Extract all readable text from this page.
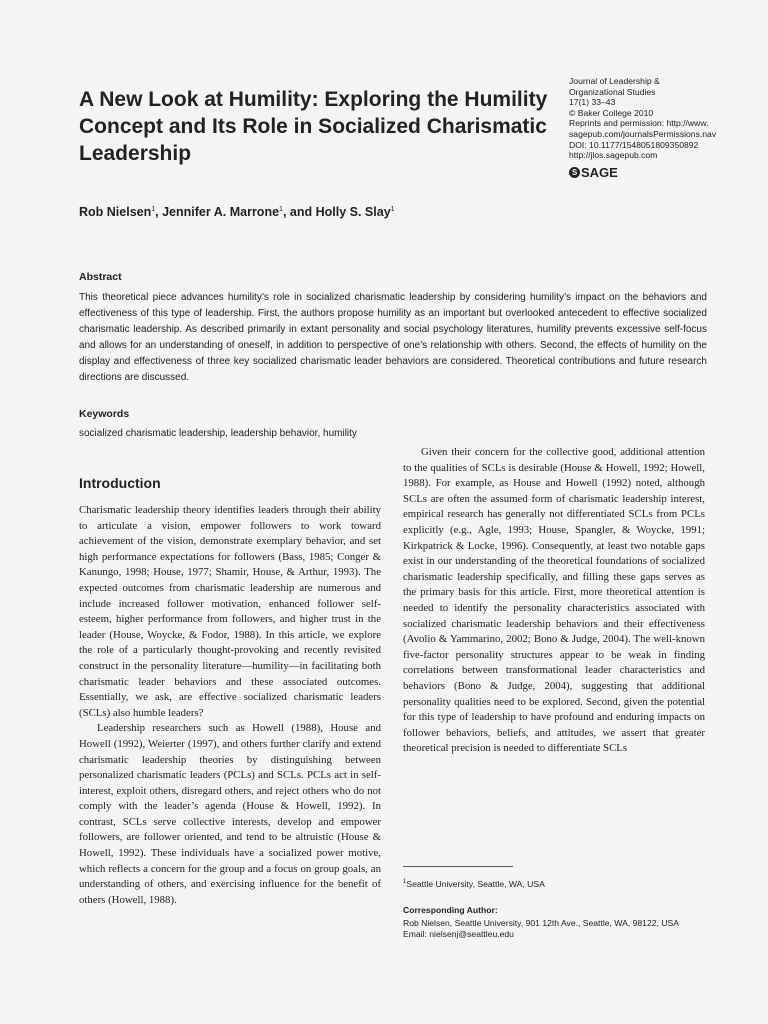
A New Look at Humility: Exploring the Humility Concept and Its Role in Socialized Charismatic Leadership
Journal of Leadership &
Organizational Studies
17(1) 33–43
© Baker College 2010
Reprints and permission: http://www.
sagepub.com/journalsPermissions.nav
DOI: 10.1177/1548051809350892
http://jlos.sagepub.com
S SAGE
Rob Nielsen$^1$, Jennifer A. Marrone$^1$, and Holly S. Slay$^1$
Abstract

This theoretical piece advances humility’s role in socialized charismatic leadership by considering humility’s impact on the behaviors and effectiveness of this type of leadership. First, the authors propose humility as an important but overlooked antecedent to effective socialized charismatic leadership. As described primarily in extant personality and social psychology literatures, humility prevents excessive self-focus and allows for an understanding of oneself, in addition to perspective of one’s relationship with others. Second, the effects of humility on the display and effectiveness of three key socialized charismatic leader behaviors are considered. Theoretical contributions and future research directions are discussed.

Keywords
socialized charismatic leadership, leadership behavior, humility
Introduction

Charismatic leadership theory identifies leaders through their ability to articulate a vision, empower followers to work toward achievement of the vision, demonstrate exemplary behavior, and set high performance expectations for followers (Bass, 1985; Conger & Kanungo, 1998; House, 1977; Shamir, House, & Arthur, 1993). The expected outcomes from charismatic leadership are numerous and include increased follower motivation, enhanced follower self-esteem, higher performance from followers, and higher trust in the leader (House, Woycke, & Fodor, 1988). In this article, we explore the role of a particularly thought-provoking and recently revisited construct in the personality literature—humility—in facilitating both charismatic leader behaviors and these associated outcomes. Essentially, we ask, are effective socialized charismatic leaders (SCLs) also humble leaders?

Leadership researchers such as Howell (1988), House and Howell (1992), Weierter (1997), and others further clarify and extend charismatic leadership theories by distinguishing between personalized charismatic leaders (PCLs) and SCLs. PCLs act in self-interest, exploit others, disregard others, and reject others who do not comply with the leader’s agenda (House & Howell, 1992). In contrast, SCLs serve collective interests, develop and empower followers, are follower oriented, and tend to be altruistic (House & Howell, 1992). These individuals have a socialized power motive, which reflects a concern for the group and a focus on group goals, an understanding of others, and exercising influence for the benefit of others (Howell, 1988).

Given their concern for the collective good, additional attention to the qualities of SCLs is desirable (House & Howell, 1992; Howell, 1988). For example, as House and Howell (1992) noted, although SCLs are often the assumed form of charismatic leadership interest, empirical research has generally not differentiated SCLs from PCLs explicitly (e.g., Agle, 1993; House, Spangler, & Woycke, 1991; Kirkpatrick & Locke, 1996). Consequently, at least two notable gaps exist in our understanding of the theoretical foundations of socialized charismatic leadership specifically, and filling these gaps serves as the primary basis for this article. First, more theoretical attention is needed to identify the personality characteristics associated with socialized charismatic leadership behaviors and their effectiveness (Avolio & Yammarino, 2002; Bono & Judge, 2004). The well-known five-factor personality structures appear to be weak in finding correlations between transformational leader characteristics and behaviors (Bono & Judge, 2004), suggesting that additional personality qualities need to be explored. Second, given the potential for this type of leadership to have profound and enduring impacts on follower behaviors, beliefs, and attitudes, we assert that greater theoretical precision is needed to differentiate SCLs

$^1$Seattle University, Seattle, WA, USA
Corresponding Author:
Rob Nielsen, Seattle University, 901 12th Ave., Seattle, WA, 98122, USA
Email: nielsenj@seattleu.edu
